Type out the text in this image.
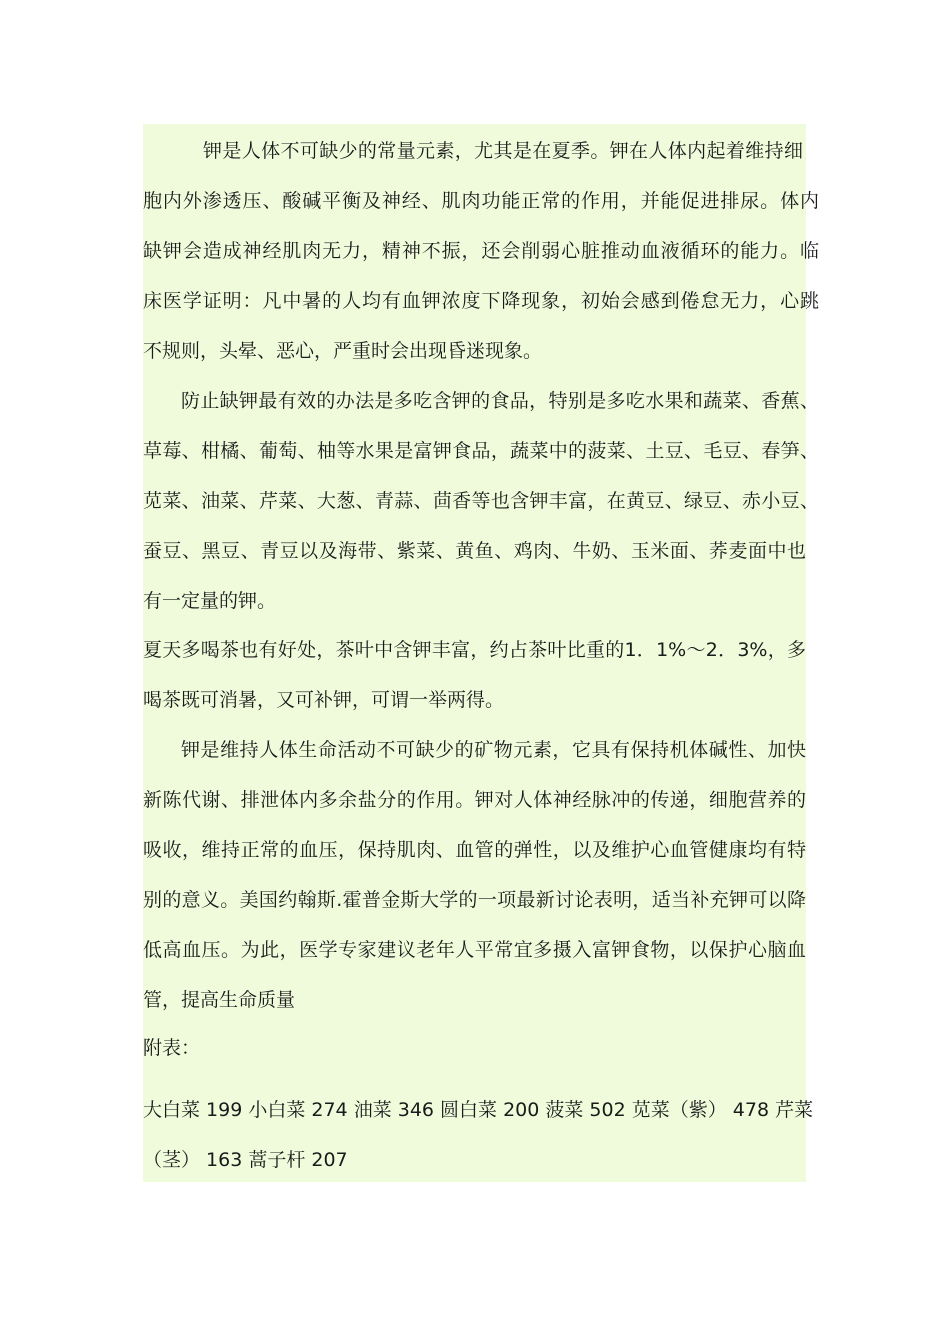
钾是人体不可缺少的常量元素，尤其是在夏季。钾在人体内起着维持细
胞内外渗透压、酸碱平衡及神经、肌肉功能正常的作用，并能促进排尿。体内
缺钾会造成神经肌肉无力，精神不振，还会削弱心脏推动血液循环的能力。临
床医学证明：凡中暑的人均有血钾浓度下降现象，初始会感到倦怠无力，心跳
不规则，头晕、恶心，严重时会出现昏迷现象。
防止缺钾最有效的办法是多吃含钾的食品，特别是多吃水果和蔬菜、香蕉、
草莓、柑橘、葡萄、柚等水果是富钾食品，蔬菜中的菠菜、土豆、毛豆、春笋、
苋菜、油菜、芹菜、大葱、青蒜、茴香等也含钾丰富，在黄豆、绿豆、赤小豆、
蚕豆、黑豆、青豆以及海带、紫菜、黄鱼、鸡肉、牛奶、玉米面、荞麦面中也
有一定量的钾。
夏天多喝茶也有好处，茶叶中含钾丰富，约占茶叶比重的1．1%～2．3%，多
喝茶既可消暑，又可补钾，可谓一举两得。
钾是维持人体生命活动不可缺少的矿物元素，它具有保持机体碱性、加快
新陈代谢、排泄体内多余盐分的作用。钾对人体神经脉冲的传递，细胞营养的
吸收，维持正常的血压，保持肌肉、血管的弹性，以及维护心血管健康均有特
别的意义。美国约翰斯.霍普金斯大学的一项最新讨论表明，适当补充钾可以降
低高血压。为此，医学专家建议老年人平常宜多摄入富钾食物，以保护心脑血
管，提高生命质量
附表：
大白菜 199 小白菜 274 油菜 346 圆白菜 200 菠菜 502 苋菜（紫） 478 芹菜
（茎） 163 蒿子杆 207
